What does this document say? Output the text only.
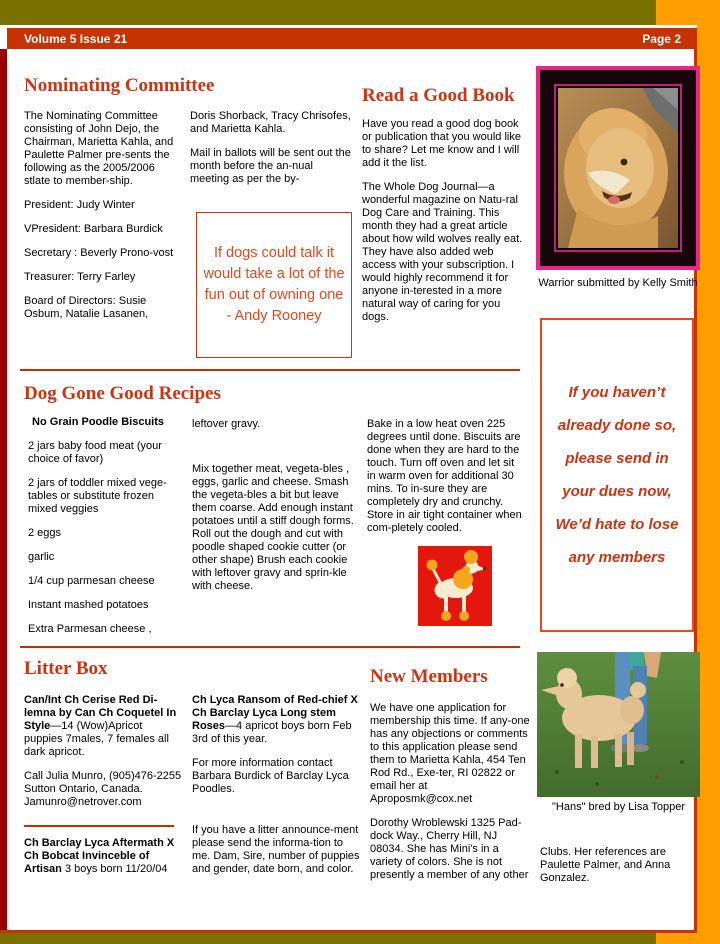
Volume 5 Issue 21	Page 2
Nominating Committee

The Nominating Committee consisting of John Dejo, the Chairman, Marietta Kahla, and Paulette Palmer pre-sents the following as the 2005/2006 stlate to member-ship.

President: Judy Winter

VPresident: Barbara Burdick

Secretary : Beverly Prono-vost

Treasurer: Terry Farley

Board of Directors: Susie Osbum, Natalie Lasanen,

Doris Shorback, Tracy Chrisofes, and Marietta Kahla.

Mail in ballots will be sent out the month before the an-nual meeting as per the by-

If dogs could talk it would take a lot of the fun out of owning one - Andy Rooney
Read a Good Book

Have you read a good dog book or publication that you would like to share? Let me know and I will add it the list.

The Whole Dog Journal—a wonderful magazine on Natu-ral Dog Care and Training. This month they had a great article about how wild wolves really eat. They have also added web access with your subscription. I would highly recommend it for anyone in-terested in a more natural way of caring for you dogs.

Warrior submitted by Kelly Smith
If you haven’t already done so, please send in your dues now, We’d hate to lose any members
Dog Gone Good Recipes

No Grain Poodle Biscuits

2 jars baby food meat (your choice of favor)

2 jars of toddler mixed vege-tables or substitute frozen mixed veggies

2 eggs

garlic

1/4 cup parmesan cheese

Instant mashed potatoes

Extra Parmesan cheese ,

leftover gravy.

Mix together meat, vegeta-bles , eggs, garlic and cheese. Smash the vegeta-bles a bit but leave them coarse. Add enough instant potatoes until a stiff dough forms. Roll out the dough and cut with poodle shaped cookie cutter (or other shape) Brush each cookie with leftover gravy and sprin-kle with cheese.

Bake in a low heat oven 225 degrees until done. Biscuits are done when they are hard to the touch. Turn off oven and let sit in warm oven for additional 30 mins. To in-sure they are completely dry and crunchy. Store in air tight container when com-pletely cooled.

Litter Box

Can/Int Ch Cerise Red Di-lemna by Can Ch Coquetel In Style—14 (Wow)Apricot puppies 7males, 7 females all dark apricot.

Call Julia Munro, (905)476-2255 Sutton Ontario, Canada. Jamunro@netrover.com

Ch Barclay Lyca Aftermath X Ch Bobcat Invinceble of Artisan 3 boys born 11/20/04

Ch Lyca Ransom of Red-chief X Ch Barclay Lyca Long stem Roses—4 apricot boys born Feb 3rd of this year.

For more information contact Barbara Burdick of Barclay Lyca Poodles.

If you have a litter announce-ment please send the informa-tion to me. Dam, Sire, number of puppies and gender, date born, and color.

New Members

We have one application for membership this time. If any-one has any objections or comments to this application please send them to Marietta Kahla, 454 Ten Rod Rd., Exe-ter, RI 02822 or email her at Aproposmk@cox.net

Dorothy Wroblewski 1325 Pad-dock Way., Cherry Hill, NJ 08034. She has Mini's in a variety of colors. She is not presently a member of any other

"Hans" bred by Lisa Topper

Clubs. Her references are Paulette Palmer, and Anna Gonzalez.
